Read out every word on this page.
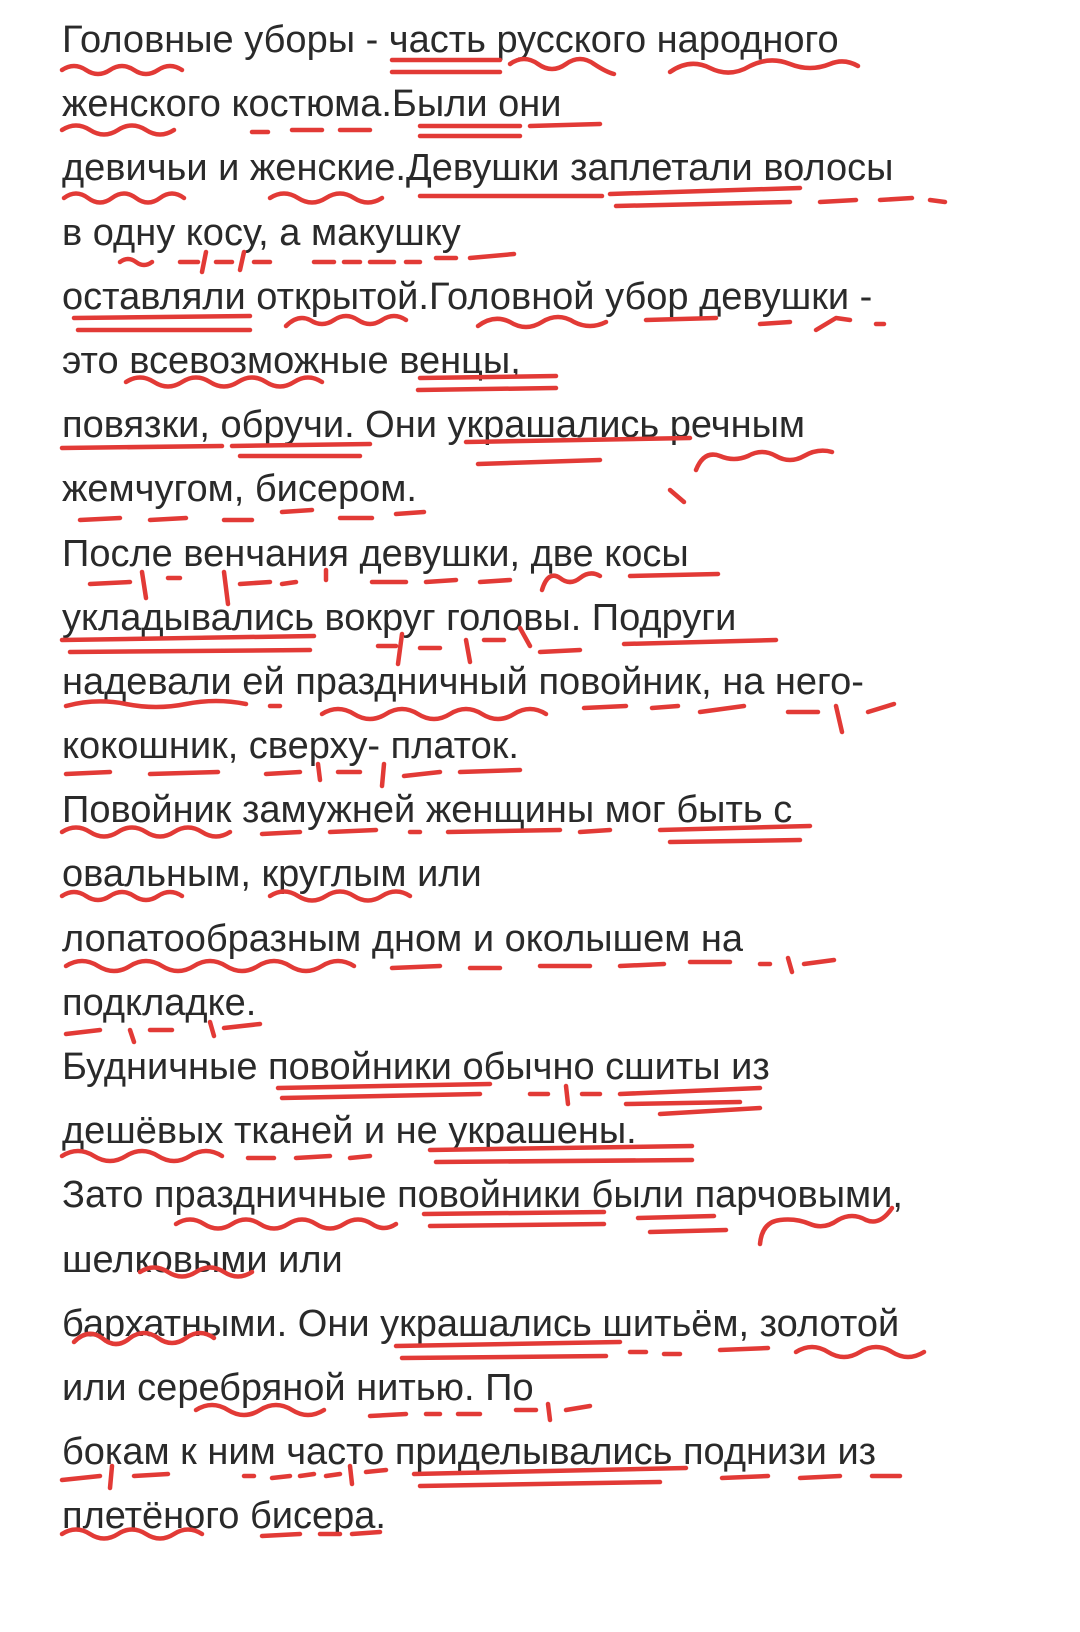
Головные уборы - часть русского народного
женского костюма.Были они
девичьи и женские.Девушки заплетали волосы
в одну косу, а макушку
оставляли открытой.Головной убор девушки -
это всевозможные венцы,
повязки, обручи. Они украшались речным
жемчугом, бисером.
После венчания девушки, две косы
укладывались вокруг головы. Подруги
надевали ей праздничный повойник, на него-
кокошник, сверху- платок.
Повойник замужней женщины мог быть с
овальным, круглым или
лопатообразным дном и околышем на
подкладке.
Будничные повойники обычно сшиты из
дешёвых тканей и не украшены.
Зато праздничные повойники были парчовыми,
шелковыми или
бархатными. Они украшались шитьём, золотой
или серебряной нитью. По
бокам к ним часто приделывались поднизи из
плетёного бисера.
